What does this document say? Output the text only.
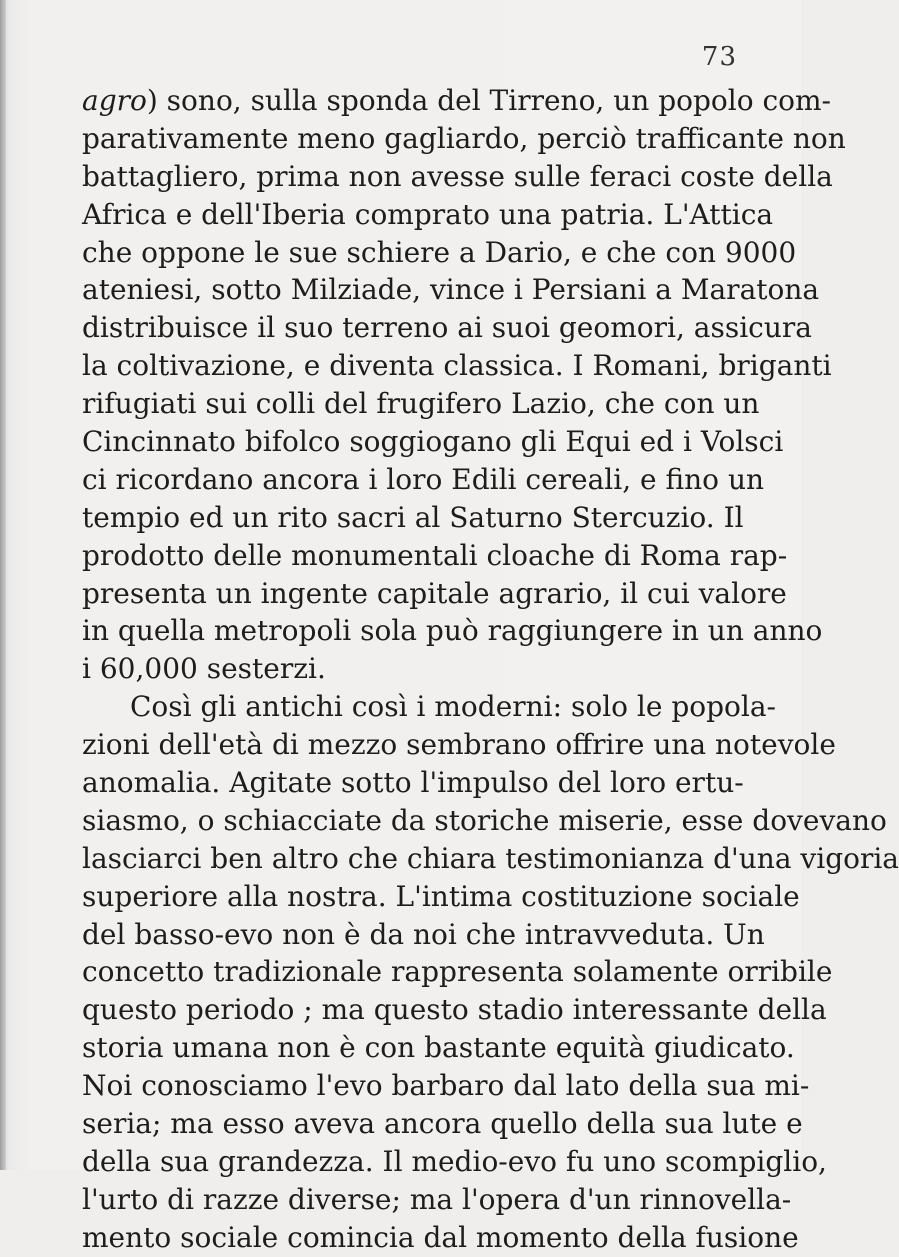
73
agro) sono, sulla sponda del Tirreno, un popolo com-
parativamente meno gagliardo, perciò trafficante non
battagliero, prima non avesse sulle feraci coste della
Africa e dell'Iberia comprato una patria. L'Attica
che oppone le sue schiere a Dario, e che con 9000
ateniesi, sotto Milziade, vince i Persiani a Maratona
distribuisce il suo terreno ai suoi geomori, assicura
la coltivazione, e diventa classica. I Romani, briganti
rifugiati sui colli del frugifero Lazio, che con un
Cincinnato bifolco soggiogano gli Equi ed i Volsci
ci ricordano ancora i loro Edili cereali, e fino un
tempio ed un rito sacri al Saturno Stercuzio. Il
prodotto delle monumentali cloache di Roma rap-
presenta un ingente capitale agrario, il cui valore
in quella metropoli sola può raggiungere in un anno
i 60,000 sesterzi.
Così gli antichi così i moderni: solo le popola-
zioni dell'età di mezzo sembrano offrire una notevole
anomalia. Agitate sotto l'impulso del loro ertu-
siasmo, o schiacciate da storiche miserie, esse dovevano
lasciarci ben altro che chiara testimonianza d'una vigoria
superiore alla nostra. L'intima costituzione sociale
del basso-evo non è da noi che intravveduta. Un
concetto tradizionale rappresenta solamente orribile
questo periodo ; ma questo stadio interessante della
storia umana non è con bastante equità giudicato.
Noi conosciamo l'evo barbaro dal lato della sua mi-
seria; ma esso aveva ancora quello della sua lute e
della sua grandezza. Il medio-evo fu uno scompiglio,
l'urto di razze diverse; ma l'opera d'un rinnovella-
mento sociale comincia dal momento della fusione
